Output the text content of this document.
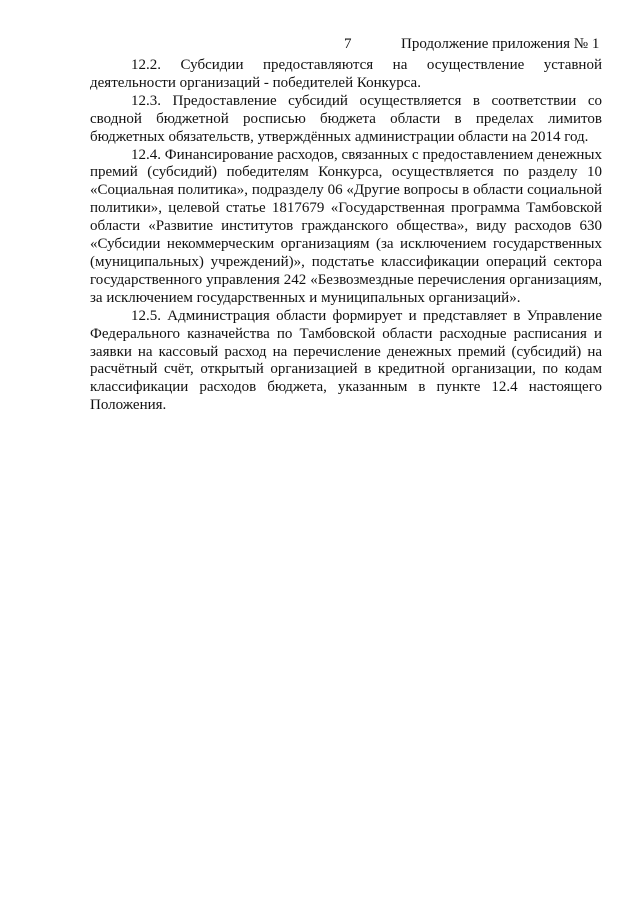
7	Продолжение приложения № 1

12.2. Субсидии предоставляются на осуществление уставной деятельности организаций - победителей Конкурса.

12.3. Предоставление субсидий осуществляется в соответствии со сводной бюджетной росписью бюджета области в пределах лимитов бюджетных обязательств, утверждённых администрации области на 2014 год.

12.4. Финансирование расходов, связанных с предоставлением денежных премий (субсидий) победителям Конкурса, осуществляется по разделу 10 «Социальная политика», подразделу 06 «Другие вопросы в области социальной политики», целевой статье 1817679 «Государственная программа Тамбовской области «Развитие институтов гражданского общества», виду расходов 630 «Субсидии некоммерческим организациям (за исключением государственных (муниципальных) учреждений)», подстатье классификации операций сектора государственного управления 242 «Безвозмездные перечисления организациям, за исключением государственных и муниципальных организаций».

12.5. Администрация области формирует и представляет в Управление Федерального казначейства по Тамбовской области расходные расписания и заявки на кассовый расход на перечисление денежных премий (субсидий) на расчётный счёт, открытый организацией в кредитной организации, по кодам классификации расходов бюджета, указанным в пункте 12.4 настоящего Положения.
